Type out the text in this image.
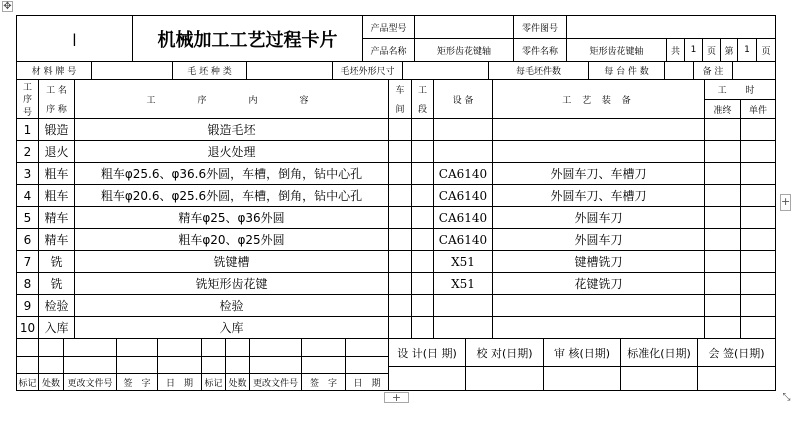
✥
+
+
⤡
|	机械加工工艺过程卡片
产品型号	零件图号
产品名称	矩形齿花键轴	零件名称	矩形齿花键轴	共	1	页 第	1	页
材 料 牌 号	毛 坯 种 类	毛坯外形尺寸	每毛坯件数	每 台 件 数	备 注
工
序
号
工 名
序 称
工　　序　　内　　容
车
间
工
段
设 备	工 艺 装 备
工 时
准终	单件
1	锻造	锻造毛坯
2	退火	退火处理
3	粗车	粗车φ25.6、φ36.6外圆，车槽，倒角，钻中心孔	CA6140	外圆车刀、车槽刀
4	粗车	粗车φ20.6、φ25.6外圆，车槽，倒角，钻中心孔	CA6140	外圆车刀、车槽刀
5	精车	精车φ25、φ36外圆	CA6140	外圆车刀
6	精车	粗车φ20、φ25外圆	CA6140	外圆车刀
7	铣	铣键槽	X51	键槽铣刀
8	铣	铣矩形齿花键	X51	花键铣刀
9	检验	检验
10 入库	入库
设 计(日 期)	校 对(日期)	审 核(日期)	标准化(日期)	会 签(日期)
标记 处数 更改文件号	签　字	日　期	标记 处数 更改文件号	签　字	日　期
